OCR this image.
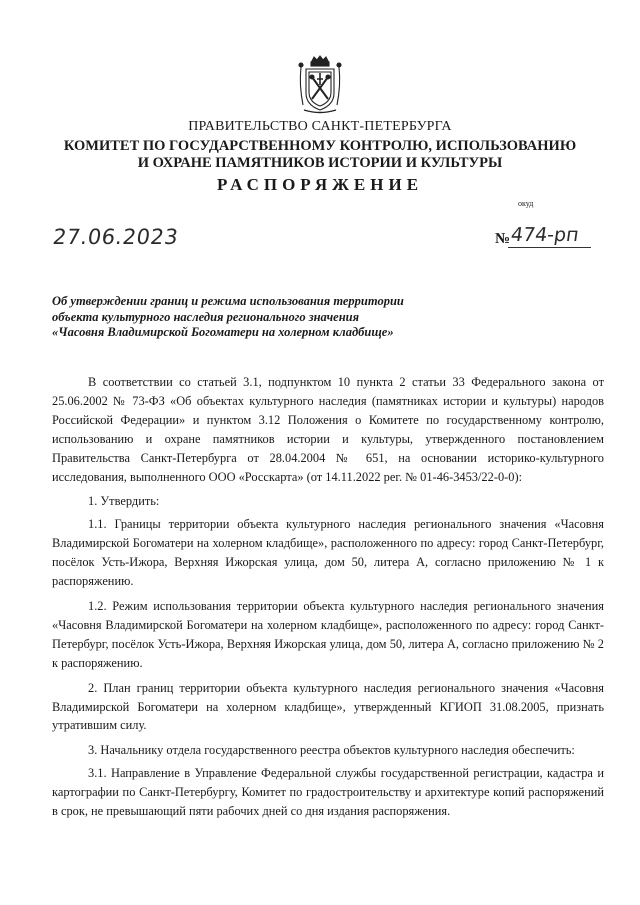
ПРАВИТЕЛЬСТВО САНКТ-ПЕТЕРБУРГА
КОМИТЕТ ПО ГОСУДАРСТВЕННОМУ КОНТРОЛЮ, ИСПОЛЬЗОВАНИЮ
И ОХРАНЕ ПАМЯТНИКОВ ИСТОРИИ И КУЛЬТУРЫ
РАСПОРЯЖЕНИЕ
окуд
27.06.2023	№ 474-рп
Об утверждении границ и режима использования территории
объекта культурного наследия регионального значения
«Часовня Владимирской Богоматери на холерном кладбище»

В соответствии со статьей 3.1, подпунктом 10 пункта 2 статьи 33 Федерального закона от 25.06.2002 № 73-ФЗ «Об объектах культурного наследия (памятниках истории и культуры) народов Российской Федерации» и пунктом 3.12 Положения о Комитете по государственному контролю, использованию и охране памятников истории и культуры, утвержденного постановлением Правительства Санкт-Петербурга от 28.04.2004 № 651, на основании историко-культурного исследования, выполненного ООО «Росскарта» (от 14.11.2022 рег. № 01-46-3453/22-0-0):

1. Утвердить:

1.1. Границы территории объекта культурного наследия регионального значения «Часовня Владимирской Богоматери на холерном кладбище», расположенного по адресу: город Санкт-Петербург, посёлок Усть-Ижора, Верхняя Ижорская улица, дом 50, литера А, согласно приложению № 1 к распоряжению.

1.2. Режим использования территории объекта культурного наследия регионального значения «Часовня Владимирской Богоматери на холерном кладбище», расположенного по адресу: город Санкт-Петербург, посёлок Усть-Ижора, Верхняя Ижорская улица, дом 50, литера А, согласно приложению № 2 к распоряжению.

2. План границ территории объекта культурного наследия регионального значения «Часовня Владимирской Богоматери на холерном кладбище», утвержденный КГИОП 31.08.2005, признать утратившим силу.

3. Начальнику отдела государственного реестра объектов культурного наследия обеспечить:

3.1. Направление в Управление Федеральной службы государственной регистрации, кадастра и картографии по Санкт-Петербургу, Комитет по градостроительству и архитектуре копий распоряжений в срок, не превышающий пяти рабочих дней со дня издания распоряжения.
